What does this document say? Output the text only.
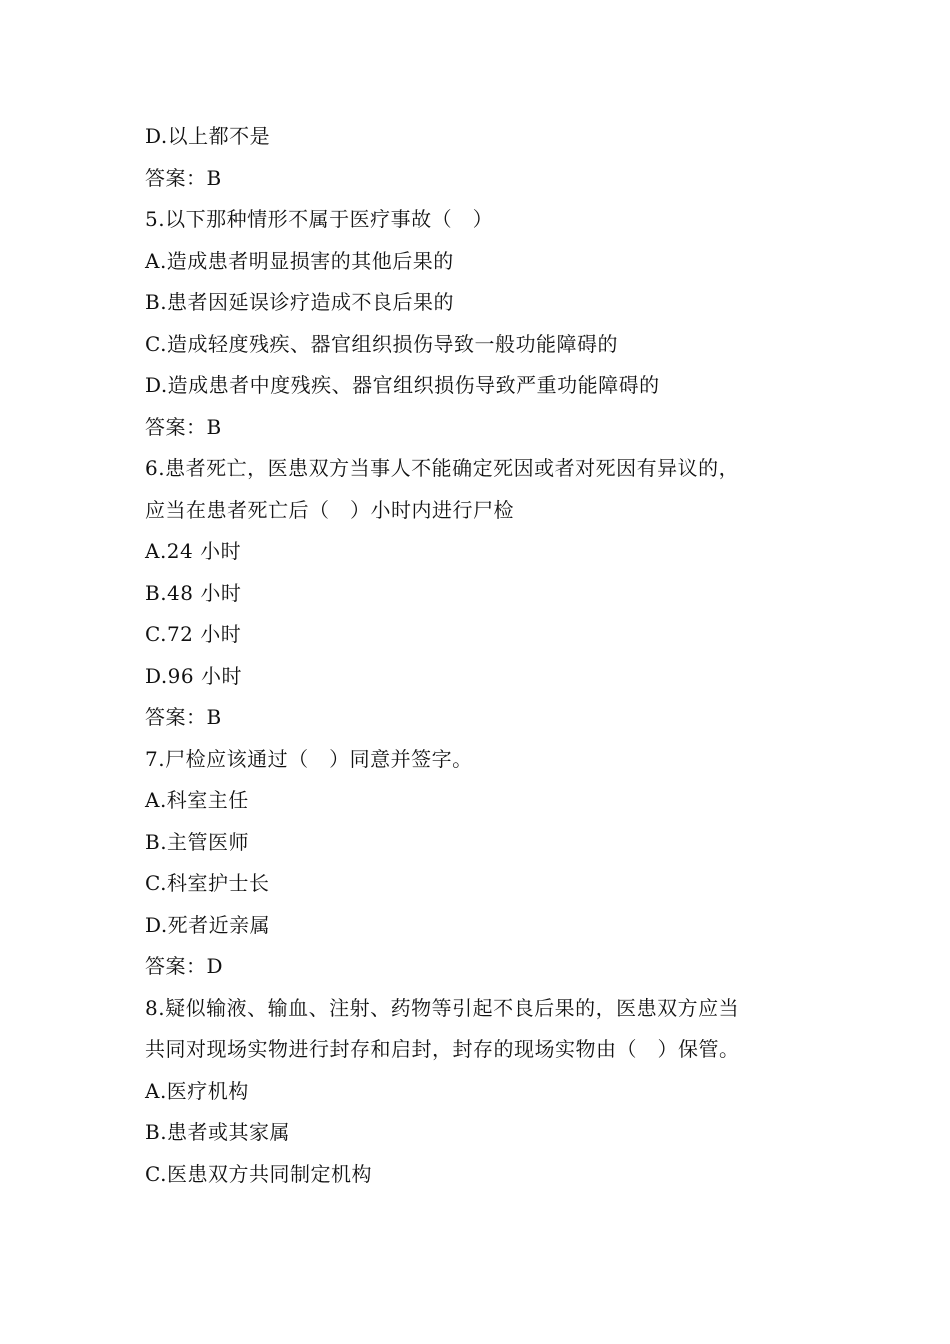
D.以上都不是
答案：B
5.以下那种情形不属于医疗事故（　）
A.造成患者明显损害的其他后果的
B.患者因延误诊疗造成不良后果的
C.造成轻度残疾、器官组织损伤导致一般功能障碍的
D.造成患者中度残疾、器官组织损伤导致严重功能障碍的
答案：B
6.患者死亡，医患双方当事人不能确定死因或者对死因有异议的，
应当在患者死亡后（　）小时内进行尸检
A.24 小时
B.48 小时
C.72 小时
D.96 小时
答案：B
7.尸检应该通过（　）同意并签字。
A.科室主任
B.主管医师
C.科室护士长
D.死者近亲属
答案：D
8.疑似输液、输血、注射、药物等引起不良后果的，医患双方应当
共同对现场实物进行封存和启封，封存的现场实物由（　）保管。
A.医疗机构
B.患者或其家属
C.医患双方共同制定机构
